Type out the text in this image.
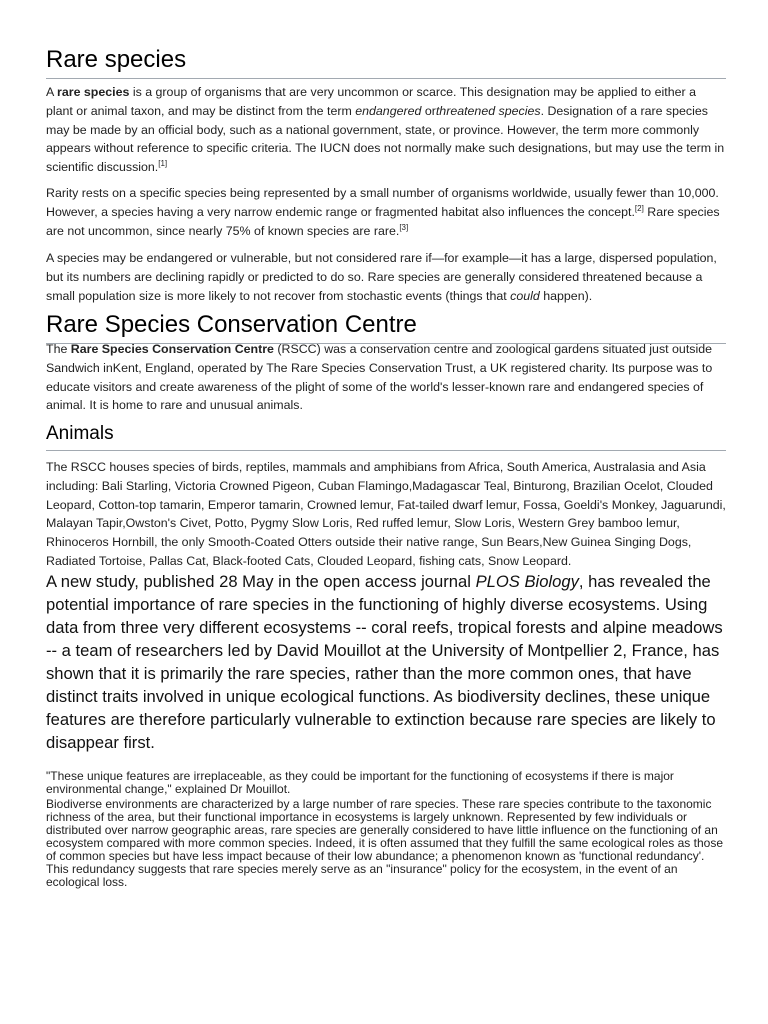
Rare species

A rare species is a group of organisms that are very uncommon or scarce. This designation may be applied to either a plant or animal taxon, and may be distinct from the term endangered orthreatened species. Designation of a rare species may be made by an official body, such as a national government, state, or province. However, the term more commonly appears without reference to specific criteria. The IUCN does not normally make such designations, but may use the term in scientific discussion.[1]

Rarity rests on a specific species being represented by a small number of organisms worldwide, usually fewer than 10,000. However, a species having a very narrow endemic range or fragmented habitat also influences the concept.[2] Rare species are not uncommon, since nearly 75% of known species are rare.[3]

A species may be endangered or vulnerable, but not considered rare if—for example—it has a large, dispersed population, but its numbers are declining rapidly or predicted to do so. Rare species are generally considered threatened because a small population size is more likely to not recover from stochastic events (things that could happen).

Rare Species Conservation Centre

The Rare Species Conservation Centre (RSCC) was a conservation centre and zoological gardens situated just outside Sandwich inKent, England, operated by The Rare Species Conservation Trust, a UK registered charity. Its purpose was to educate visitors and create awareness of the plight of some of the world's lesser-known rare and endangered species of animal. It is home to rare and unusual animals.

Animals

The RSCC houses species of birds, reptiles, mammals and amphibians from Africa, South America, Australasia and Asia including: Bali Starling, Victoria Crowned Pigeon, Cuban Flamingo,Madagascar Teal, Binturong, Brazilian Ocelot, Clouded Leopard, Cotton-top tamarin, Emperor tamarin, Crowned lemur, Fat-tailed dwarf lemur, Fossa, Goeldi's Monkey, Jaguarundi, Malayan Tapir,Owston's Civet, Potto, Pygmy Slow Loris, Red ruffed lemur, Slow Loris, Western Grey bamboo lemur, Rhinoceros Hornbill, the only Smooth-Coated Otters outside their native range, Sun Bears,New Guinea Singing Dogs, Radiated Tortoise, Pallas Cat, Black-footed Cats, Clouded Leopard, fishing cats, Snow Leopard.

A new study, published 28 May in the open access journal PLOS Biology, has revealed the potential importance of rare species in the functioning of highly diverse ecosystems. Using data from three very different ecosystems -- coral reefs, tropical forests and alpine meadows -- a team of researchers led by David Mouillot at the University of Montpellier 2, France, has shown that it is primarily the rare species, rather than the more common ones, that have distinct traits involved in unique ecological functions. As biodiversity declines, these unique features are therefore particularly vulnerable to extinction because rare species are likely to disappear first.

"These unique features are irreplaceable, as they could be important for the functioning of ecosystems if there is major environmental change," explained Dr Mouillot.

Biodiverse environments are characterized by a large number of rare species. These rare species contribute to the taxonomic richness of the area, but their functional importance in ecosystems is largely unknown. Represented by few individuals or distributed over narrow geographic areas, rare species are generally considered to have little influence on the functioning of an ecosystem compared with more common species. Indeed, it is often assumed that they fulfill the same ecological roles as those of common species but have less impact because of their low abundance; a phenomenon known as 'functional redundancy'. This redundancy suggests that rare species merely serve as an "insurance" policy for the ecosystem, in the event of an ecological loss.
